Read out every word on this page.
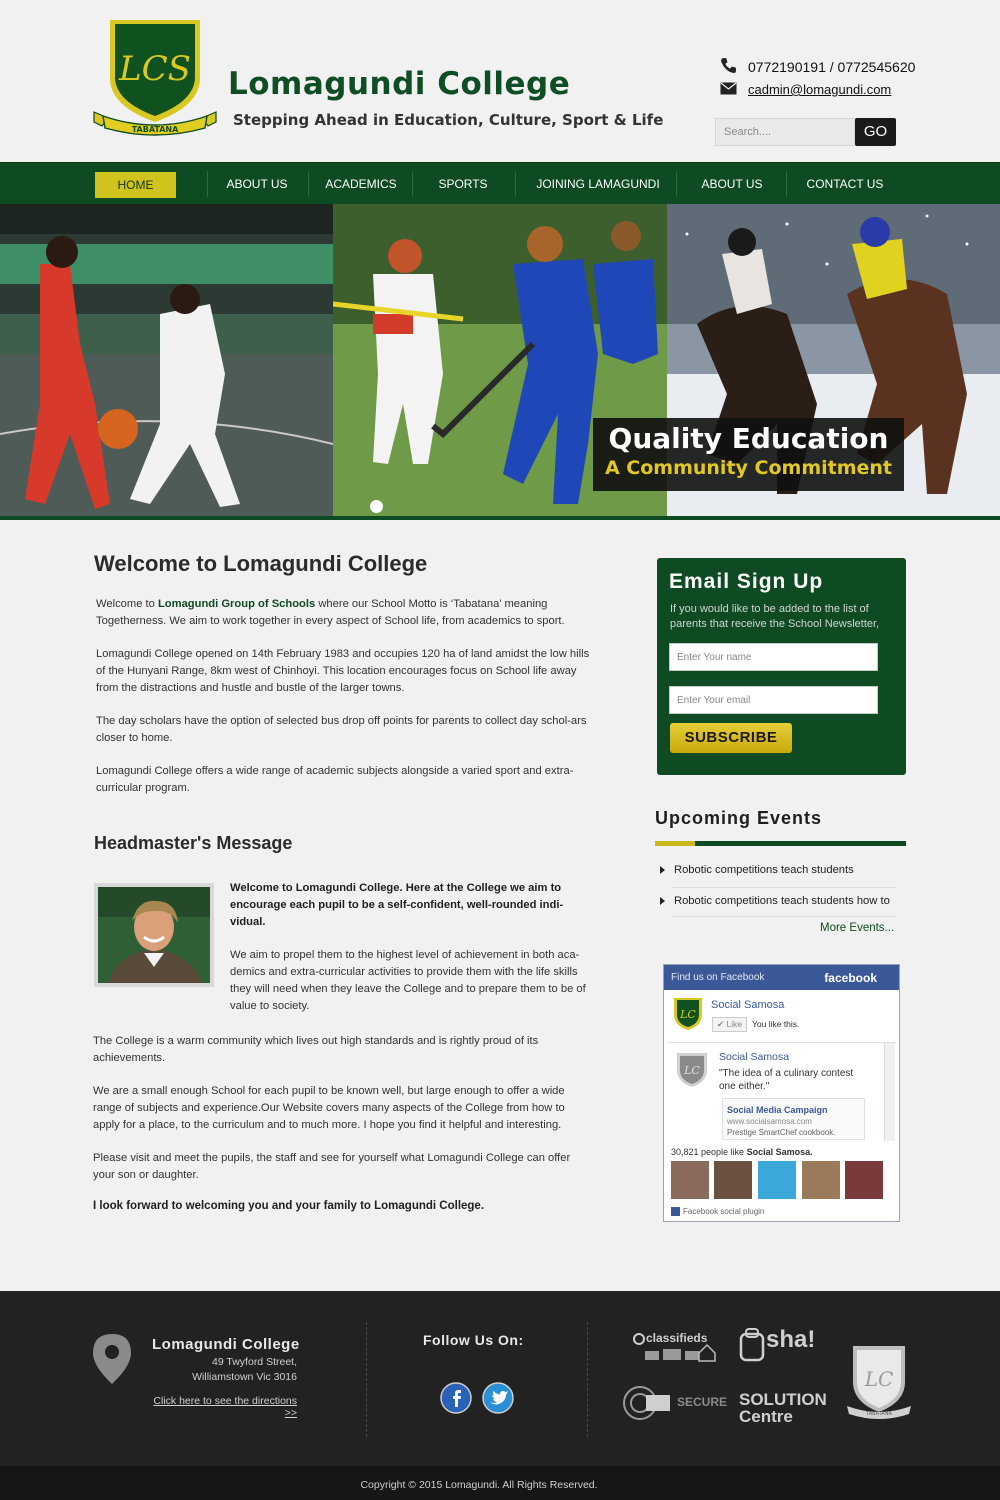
TABATANA
LCS Lomagundi College
Stepping Ahead in Education, Culture, Sport & Life
0772190191 / 0772545620
cadmin@lomagundi.com
Search....	GO
HOME	ABOUT US	ACADEMICS	SPORTS	JOINING LAMAGUNDI	ABOUT US	CONTACT US
Quality Education
A Community Commitment
Welcome to Lomagundi College
Welcome to Lomagundi Group of Schools where our School Motto is ‘Tabatana’ meaning Togetherness. We aim to work together in every aspect of School life, from academics to sport.
Lomagundi College opened on 14th February 1983 and occupies 120 ha of land amidst the low hills of the Hunyani Range, 8km west of Chinhoyi. This location encourages focus on School life away from the distractions and hustle and bustle of the larger towns.
The day scholars have the option of selected bus drop off points for parents to collect day schol-ars closer to home.
Lomagundi College offers a wide range of academic subjects alongside a varied sport and extra-curricular program.
Headmaster's Message
Welcome to Lomagundi College. Here at the College we aim to encourage each pupil to be a self-confident, well-rounded indi-vidual.
We aim to propel them to the highest level of achievement in both aca-demics and extra-curricular activities to provide them with the life skills they will need when they leave the College and to prepare them to be of value to society.
The College is a warm community which lives out high standards and is rightly proud of its achievements.
We are a small enough School for each pupil to be known well, but large enough to offer a wide range of subjects and experience.Our Website covers many aspects of the College from how to apply for a place, to the curriculum and to much more. I hope you find it helpful and interesting.
Please visit and meet the pupils, the staff and see for yourself what Lomagundi College can offer your son or daughter.
I look forward to welcoming you and your family to Lomagundi College.
Email Sign Up

If you would like to be added to the list of parents that receive the School Newsletter,

Enter Your name
Enter Your email
SUBSCRIBE
Upcoming Events
Robotic competitions teach students
Robotic competitions teach students how to
More Events...
Find us on Facebook	facebook
LC
Social Samosa
✔ Like	You like this.
LC
Social Samosa
"The idea of a culinary contest one either."
Social Media Campaign
www.socialsamosa.com
Prestige SmartChef cookbook.
30,821 people like Social Samosa.
Facebook social plugin
Lomagundi College
49 Twyford Street,
Williamstown Vic 3016
Click here to see the directions >>
Follow Us On:	classifieds sha!
SECURE SOLUTION Centre
LC
TABATANA
Copyright © 2015 Lomagundi. All Rights Reserved.
